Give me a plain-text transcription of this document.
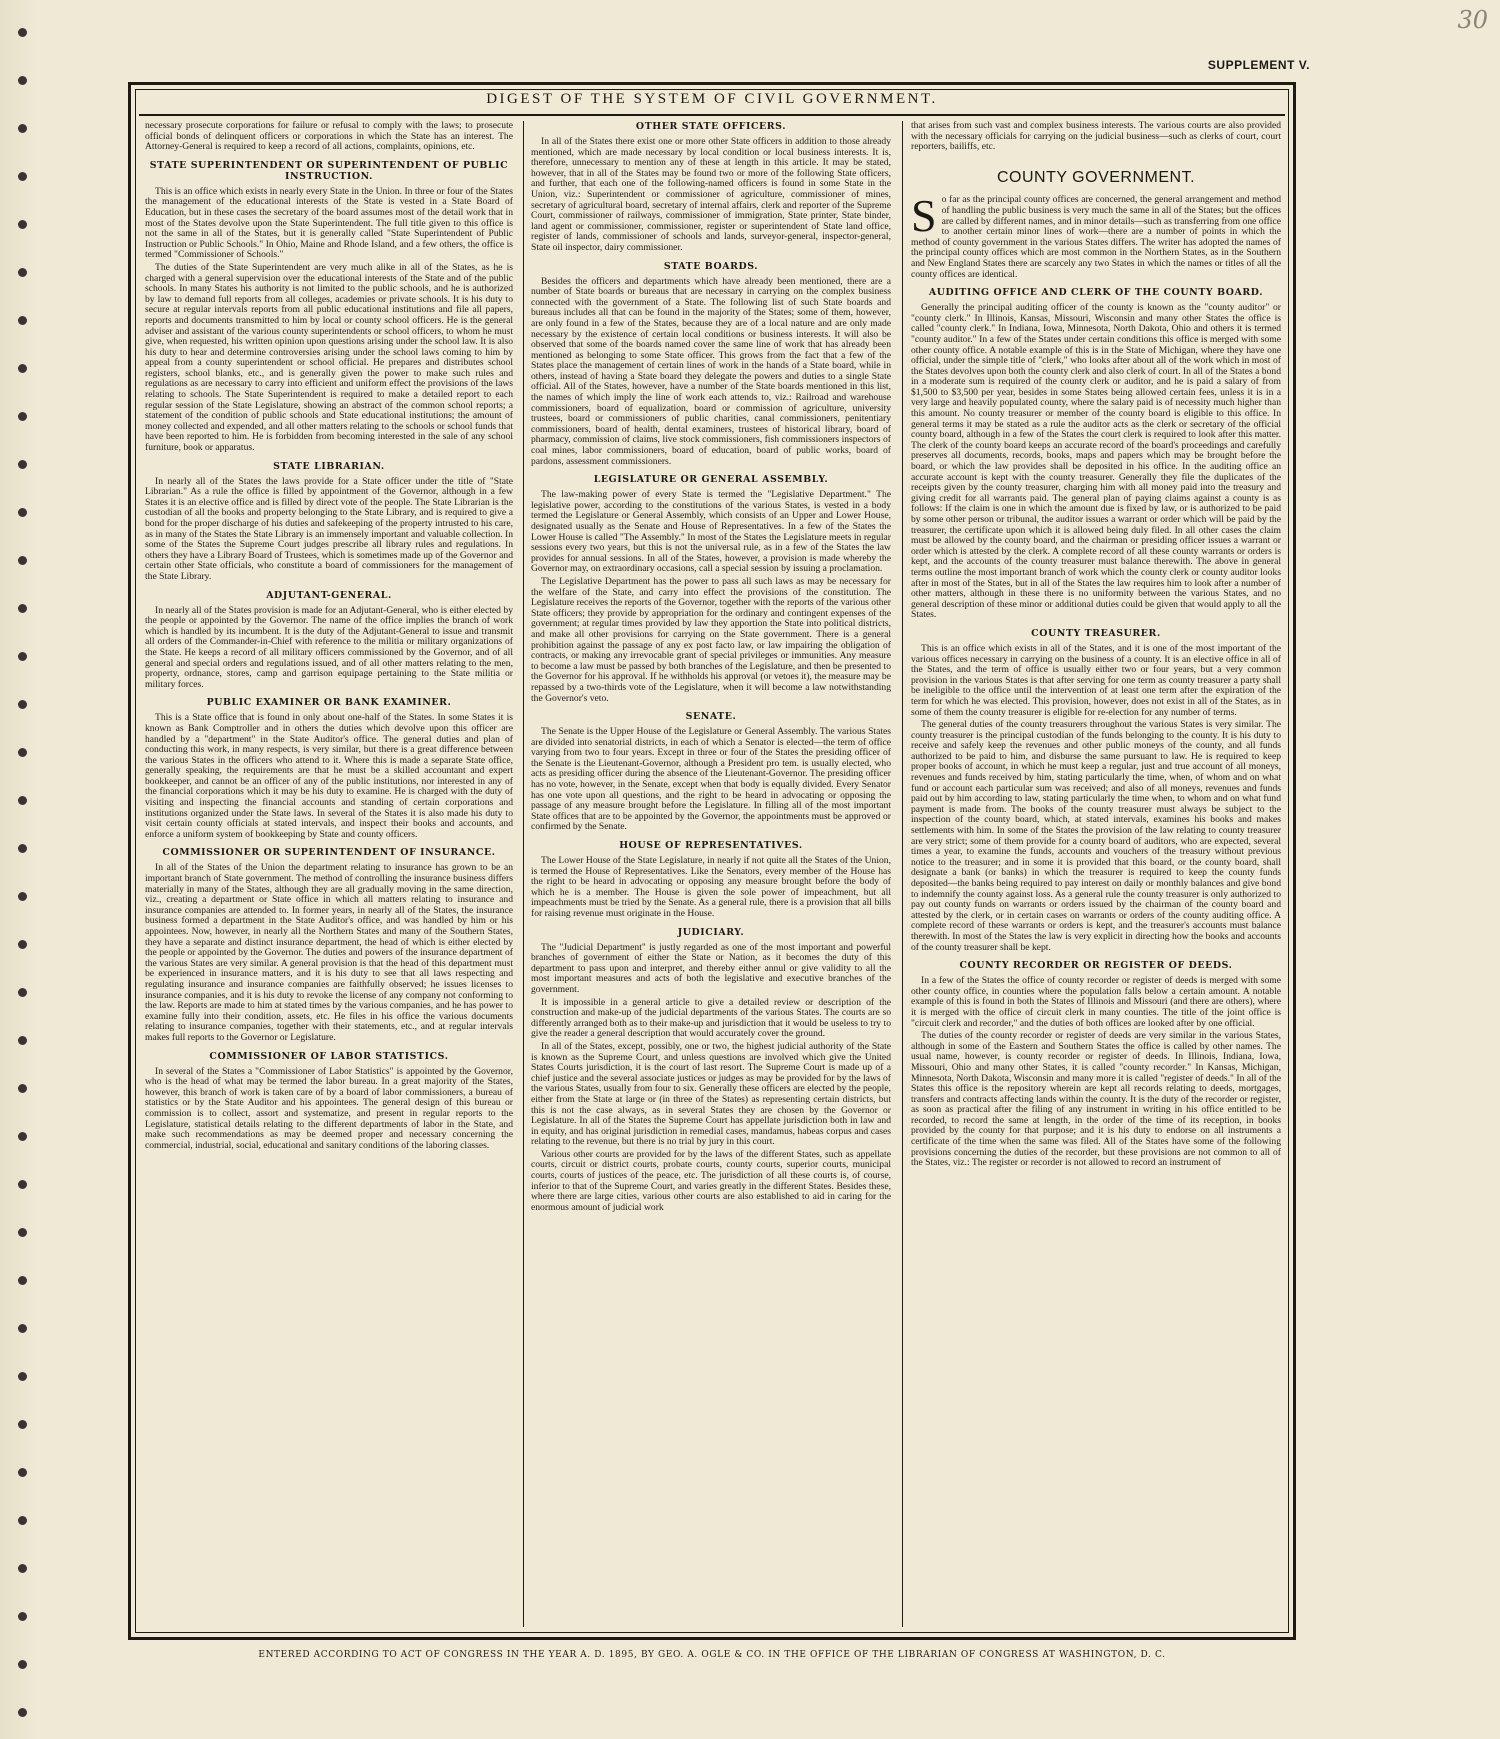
30
SUPPLEMENT V.
DIGEST OF THE SYSTEM OF CIVIL GOVERNMENT.

necessary prosecute corporations for failure or refusal to comply with the laws; to prosecute official bonds of delinquent officers or corporations in which the State has an interest. The Attorney-General is required to keep a record of all actions, complaints, opinions, etc.

STATE SUPERINTENDENT OR SUPERINTENDENT OF PUBLIC INSTRUCTION.

This is an office which exists in nearly every State in the Union. In three or four of the States the management of the educational interests of the State is vested in a State Board of Education, but in these cases the secretary of the board assumes most of the detail work that in most of the States devolve upon the State Superintendent. The full title given to this office is not the same in all of the States, but it is generally called "State Superintendent of Public Instruction or Public Schools." In Ohio, Maine and Rhode Island, and a few others, the office is termed "Commissioner of Schools."

The duties of the State Superintendent are very much alike in all of the States, as he is charged with a general supervision over the educational interests of the State and of the public schools. In many States his authority is not limited to the public schools, and he is authorized by law to demand full reports from all colleges, academies or private schools. It is his duty to secure at regular intervals reports from all public educational institutions and file all papers, reports and documents transmitted to him by local or county school officers. He is the general adviser and assistant of the various county superintendents or school officers, to whom he must give, when requested, his written opinion upon questions arising under the school law. It is also his duty to hear and determine controversies arising under the school laws coming to him by appeal from a county superintendent or school official. He prepares and distributes school registers, school blanks, etc., and is generally given the power to make such rules and regulations as are necessary to carry into efficient and uniform effect the provisions of the laws relating to schools. The State Superintendent is required to make a detailed report to each regular session of the State Legislature, showing an abstract of the common school reports; a statement of the condition of public schools and State educational institutions; the amount of money collected and expended, and all other matters relating to the schools or school funds that have been reported to him. He is forbidden from becoming interested in the sale of any school furniture, book or apparatus.

STATE LIBRARIAN.

In nearly all of the States the laws provide for a State officer under the title of "State Librarian." As a rule the office is filled by appointment of the Governor, although in a few States it is an elective office and is filled by direct vote of the people. The State Librarian is the custodian of all the books and property belonging to the State Library, and is required to give a bond for the proper discharge of his duties and safekeeping of the property intrusted to his care, as in many of the States the State Library is an immensely important and valuable collection. In some of the States the Supreme Court judges prescribe all library rules and regulations. In others they have a Library Board of Trustees, which is sometimes made up of the Governor and certain other State officials, who constitute a board of commissioners for the management of the State Library.

ADJUTANT-GENERAL.

In nearly all of the States provision is made for an Adjutant-General, who is either elected by the people or appointed by the Governor. The name of the office implies the branch of work which is handled by its incumbent. It is the duty of the Adjutant-General to issue and transmit all orders of the Commander-in-Chief with reference to the militia or military organizations of the State. He keeps a record of all military officers commissioned by the Governor, and of all general and special orders and regulations issued, and of all other matters relating to the men, property, ordnance, stores, camp and garrison equipage pertaining to the State militia or military forces.

PUBLIC EXAMINER OR BANK EXAMINER.

This is a State office that is found in only about one-half of the States. In some States it is known as Bank Comptroller and in others the duties which devolve upon this officer are handled by a "department" in the State Auditor's office. The general duties and plan of conducting this work, in many respects, is very similar, but there is a great difference between the various States in the officers who attend to it. Where this is made a separate State office, generally speaking, the requirements are that he must be a skilled accountant and expert bookkeeper, and cannot be an officer of any of the public institutions, nor interested in any of the financial corporations which it may be his duty to examine. He is charged with the duty of visiting and inspecting the financial accounts and standing of certain corporations and institutions organized under the State laws. In several of the States it is also made his duty to visit certain county officials at stated intervals, and inspect their books and accounts, and enforce a uniform system of bookkeeping by State and county officers.

COMMISSIONER OR SUPERINTENDENT OF INSURANCE.

In all of the States of the Union the department relating to insurance has grown to be an important branch of State government. The method of controlling the insurance business differs materially in many of the States, although they are all gradually moving in the same direction, viz., creating a department or State office in which all matters relating to insurance and insurance companies are attended to. In former years, in nearly all of the States, the insurance business formed a department in the State Auditor's office, and was handled by him or his appointees. Now, however, in nearly all the Northern States and many of the Southern States, they have a separate and distinct insurance department, the head of which is either elected by the people or appointed by the Governor. The duties and powers of the insurance department of the various States are very similar. A general provision is that the head of this department must be experienced in insurance matters, and it is his duty to see that all laws respecting and regulating insurance and insurance companies are faithfully observed; he issues licenses to insurance companies, and it is his duty to revoke the license of any company not conforming to the law. Reports are made to him at stated times by the various companies, and he has power to examine fully into their condition, assets, etc. He files in his office the various documents relating to insurance companies, together with their statements, etc., and at regular intervals makes full reports to the Governor or Legislature.

COMMISSIONER OF LABOR STATISTICS.

In several of the States a "Commissioner of Labor Statistics" is appointed by the Governor, who is the head of what may be termed the labor bureau. In a great majority of the States, however, this branch of work is taken care of by a board of labor commissioners, a bureau of statistics or by the State Auditor and his appointees. The general design of this bureau or commission is to collect, assort and systematize, and present in regular reports to the Legislature, statistical details relating to the different departments of labor in the State, and make such recommendations as may be deemed proper and necessary concerning the commercial, industrial, social, educational and sanitary conditions of the laboring classes.

OTHER STATE OFFICERS.

In all of the States there exist one or more other State officers in addition to those already mentioned, which are made necessary by local condition or local business interests. It is, therefore, unnecessary to mention any of these at length in this article. It may be stated, however, that in all of the States may be found two or more of the following State officers, and further, that each one of the following-named officers is found in some State in the Union, viz.: Superintendent or commissioner of agriculture, commissioner of mines, secretary of agricultural board, secretary of internal affairs, clerk and reporter of the Supreme Court, commissioner of railways, commissioner of immigration, State printer, State binder, land agent or commissioner, commissioner, register or superintendent of State land office, register of lands, commissioner of schools and lands, surveyor-general, inspector-general, State oil inspector, dairy commissioner.

STATE BOARDS.

Besides the officers and departments which have already been mentioned, there are a number of State boards or bureaus that are necessary in carrying on the complex business connected with the government of a State. The following list of such State boards and bureaus includes all that can be found in the majority of the States; some of them, however, are only found in a few of the States, because they are of a local nature and are only made necessary by the existence of certain local conditions or business interests. It will also be observed that some of the boards named cover the same line of work that has already been mentioned as belonging to some State officer. This grows from the fact that a few of the States place the management of certain lines of work in the hands of a State board, while in others, instead of having a State board they delegate the powers and duties to a single State official. All of the States, however, have a number of the State boards mentioned in this list, the names of which imply the line of work each attends to, viz.: Railroad and warehouse commissioners, board of equalization, board or commission of agriculture, university trustees, board or commissioners of public charities, canal commissioners, penitentiary commissioners, board of health, dental examiners, trustees of historical library, board of pharmacy, commission of claims, live stock commissioners, fish commissioners inspectors of coal mines, labor commissioners, board of education, board of public works, board of pardons, assessment commissioners.

LEGISLATURE OR GENERAL ASSEMBLY.

The law-making power of every State is termed the "Legislative Department." The legislative power, according to the constitutions of the various States, is vested in a body termed the Legislature or General Assembly, which consists of an Upper and Lower House, designated usually as the Senate and House of Representatives. In a few of the States the Lower House is called "The Assembly." In most of the States the Legislature meets in regular sessions every two years, but this is not the universal rule, as in a few of the States the law provides for annual sessions. In all of the States, however, a provision is made whereby the Governor may, on extraordinary occasions, call a special session by issuing a proclamation.

The Legislative Department has the power to pass all such laws as may be necessary for the welfare of the State, and carry into effect the provisions of the constitution. The Legislature receives the reports of the Governor, together with the reports of the various other State officers; they provide by appropriation for the ordinary and contingent expenses of the government; at regular times provided by law they apportion the State into political districts, and make all other provisions for carrying on the State government. There is a general prohibition against the passage of any ex post facto law, or law impairing the obligation of contracts, or making any irrevocable grant of special privileges or immunities. Any measure to become a law must be passed by both branches of the Legislature, and then be presented to the Governor for his approval. If he withholds his approval (or vetoes it), the measure may be repassed by a two-thirds vote of the Legislature, when it will become a law notwithstanding the Governor's veto.

SENATE.

The Senate is the Upper House of the Legislature or General Assembly. The various States are divided into senatorial districts, in each of which a Senator is elected—the term of office varying from two to four years. Except in three or four of the States the presiding officer of the Senate is the Lieutenant-Governor, although a President pro tem. is usually elected, who acts as presiding officer during the absence of the Lieutenant-Governor. The presiding officer has no vote, however, in the Senate, except when that body is equally divided. Every Senator has one vote upon all questions, and the right to be heard in advocating or opposing the passage of any measure brought before the Legislature. In filling all of the most important State offices that are to be appointed by the Governor, the appointments must be approved or confirmed by the Senate.

HOUSE OF REPRESENTATIVES.

The Lower House of the State Legislature, in nearly if not quite all the States of the Union, is termed the House of Representatives. Like the Senators, every member of the House has the right to be heard in advocating or opposing any measure brought before the body of which he is a member. The House is given the sole power of impeachment, but all impeachments must be tried by the Senate. As a general rule, there is a provision that all bills for raising revenue must originate in the House.

JUDICIARY.

The "Judicial Department" is justly regarded as one of the most important and powerful branches of government of either the State or Nation, as it becomes the duty of this department to pass upon and interpret, and thereby either annul or give validity to all the most important measures and acts of both the legislative and executive branches of the government.

It is impossible in a general article to give a detailed review or description of the construction and make-up of the judicial departments of the various States. The courts are so differently arranged both as to their make-up and jurisdiction that it would be useless to try to give the reader a general description that would accurately cover the ground.

In all of the States, except, possibly, one or two, the highest judicial authority of the State is known as the Supreme Court, and unless questions are involved which give the United States Courts jurisdiction, it is the court of last resort. The Supreme Court is made up of a chief justice and the several associate justices or judges as may be provided for by the laws of the various States, usually from four to six. Generally these officers are elected by the people, either from the State at large or (in three of the States) as representing certain districts, but this is not the case always, as in several States they are chosen by the Governor or Legislature. In all of the States the Supreme Court has appellate jurisdiction both in law and in equity, and has original jurisdiction in remedial cases, mandamus, habeas corpus and cases relating to the revenue, but there is no trial by jury in this court.

Various other courts are provided for by the laws of the different States, such as appellate courts, circuit or district courts, probate courts, county courts, superior courts, municipal courts, courts of justices of the peace, etc. The jurisdiction of all these courts is, of course, inferior to that of the Supreme Court, and varies greatly in the different States. Besides these, where there are large cities, various other courts are also established to aid in caring for the enormous amount of judicial work

that arises from such vast and complex business interests. The various courts are also provided with the necessary officials for carrying on the judicial business—such as clerks of court, court reporters, bailiffs, etc.

COUNTY GOVERNMENT.

So far as the principal county offices are concerned, the general arrangement and method of handling the public business is very much the same in all of the States; but the offices are called by different names, and in minor details—such as transferring from one office to another certain minor lines of work—there are a number of points in which the method of county government in the various States differs. The writer has adopted the names of the principal county offices which are most common in the Northern States, as in the Southern and New England States there are scarcely any two States in which the names or titles of all the county offices are identical.

AUDITING OFFICE AND CLERK OF THE COUNTY BOARD.

Generally the principal auditing officer of the county is known as the "county auditor" or "county clerk." In Illinois, Kansas, Missouri, Wisconsin and many other States the office is called "county clerk." In Indiana, Iowa, Minnesota, North Dakota, Ohio and others it is termed "county auditor." In a few of the States under certain conditions this office is merged with some other county office. A notable example of this is in the State of Michigan, where they have one official, under the simple title of "clerk," who looks after about all of the work which in most of the States devolves upon both the county clerk and also clerk of court. In all of the States a bond in a moderate sum is required of the county clerk or auditor, and he is paid a salary of from $1,500 to $3,500 per year, besides in some States being allowed certain fees, unless it is in a very large and heavily populated county, where the salary paid is of necessity much higher than this amount. No county treasurer or member of the county board is eligible to this office. In general terms it may be stated as a rule the auditor acts as the clerk or secretary of the official county board, although in a few of the States the court clerk is required to look after this matter. The clerk of the county board keeps an accurate record of the board's proceedings and carefully preserves all documents, records, books, maps and papers which may be brought before the board, or which the law provides shall be deposited in his office. In the auditing office an accurate account is kept with the county treasurer. Generally they file the duplicates of the receipts given by the county treasurer, charging him with all money paid into the treasury and giving credit for all warrants paid. The general plan of paying claims against a county is as follows: If the claim is one in which the amount due is fixed by law, or is authorized to be paid by some other person or tribunal, the auditor issues a warrant or order which will be paid by the treasurer, the certificate upon which it is allowed being duly filed. In all other cases the claim must be allowed by the county board, and the chairman or presiding officer issues a warrant or order which is attested by the clerk. A complete record of all these county warrants or orders is kept, and the accounts of the county treasurer must balance therewith. The above in general terms outline the most important branch of work which the county clerk or county auditor looks after in most of the States, but in all of the States the law requires him to look after a number of other matters, although in these there is no uniformity between the various States, and no general description of these minor or additional duties could be given that would apply to all the States.

COUNTY TREASURER.

This is an office which exists in all of the States, and it is one of the most important of the various offices necessary in carrying on the business of a county. It is an elective office in all of the States, and the term of office is usually either two or four years, but a very common provision in the various States is that after serving for one term as county treasurer a party shall be ineligible to the office until the intervention of at least one term after the expiration of the term for which he was elected. This provision, however, does not exist in all of the States, as in some of them the county treasurer is eligible for re-election for any number of terms.

The general duties of the county treasurers throughout the various States is very similar. The county treasurer is the principal custodian of the funds belonging to the county. It is his duty to receive and safely keep the revenues and other public moneys of the county, and all funds authorized to be paid to him, and disburse the same pursuant to law. He is required to keep proper books of account, in which he must keep a regular, just and true account of all moneys, revenues and funds received by him, stating particularly the time, when, of whom and on what fund or account each particular sum was received; and also of all moneys, revenues and funds paid out by him according to law, stating particularly the time when, to whom and on what fund payment is made from. The books of the county treasurer must always be subject to the inspection of the county board, which, at stated intervals, examines his books and makes settlements with him. In some of the States the provision of the law relating to county treasurer are very strict; some of them provide for a county board of auditors, who are expected, several times a year, to examine the funds, accounts and vouchers of the treasury without previous notice to the treasurer; and in some it is provided that this board, or the county board, shall designate a bank (or banks) in which the treasurer is required to keep the county funds deposited—the banks being required to pay interest on daily or monthly balances and give bond to indemnify the county against loss. As a general rule the county treasurer is only authorized to pay out county funds on warrants or orders issued by the chairman of the county board and attested by the clerk, or in certain cases on warrants or orders of the county auditing office. A complete record of these warrants or orders is kept, and the treasurer's accounts must balance therewith. In most of the States the law is very explicit in directing how the books and accounts of the county treasurer shall be kept.

COUNTY RECORDER OR REGISTER OF DEEDS.

In a few of the States the office of county recorder or register of deeds is merged with some other county office, in counties where the population falls below a certain amount. A notable example of this is found in both the States of Illinois and Missouri (and there are others), where it is merged with the office of circuit clerk in many counties. The title of the joint office is "circuit clerk and recorder," and the duties of both offices are looked after by one official.

The duties of the county recorder or register of deeds are very similar in the various States, although in some of the Eastern and Southern States the office is called by other names. The usual name, however, is county recorder or register of deeds. In Illinois, Indiana, Iowa, Missouri, Ohio and many other States, it is called "county recorder." In Kansas, Michigan, Minnesota, North Dakota, Wisconsin and many more it is called "register of deeds." In all of the States this office is the repository wherein are kept all records relating to deeds, mortgages, transfers and contracts affecting lands within the county. It is the duty of the recorder or register, as soon as practical after the filing of any instrument in writing in his office entitled to be recorded, to record the same at length, in the order of the time of its reception, in books provided by the county for that purpose; and it is his duty to endorse on all instruments a certificate of the time when the same was filed. All of the States have some of the following provisions concerning the duties of the recorder, but these provisions are not common to all of the States, viz.: The register or recorder is not allowed to record an instrument of

ENTERED ACCORDING TO ACT OF CONGRESS IN THE YEAR A. D. 1895, BY GEO. A. OGLE & CO. IN THE OFFICE OF THE LIBRARIAN OF CONGRESS AT WASHINGTON, D. C.
